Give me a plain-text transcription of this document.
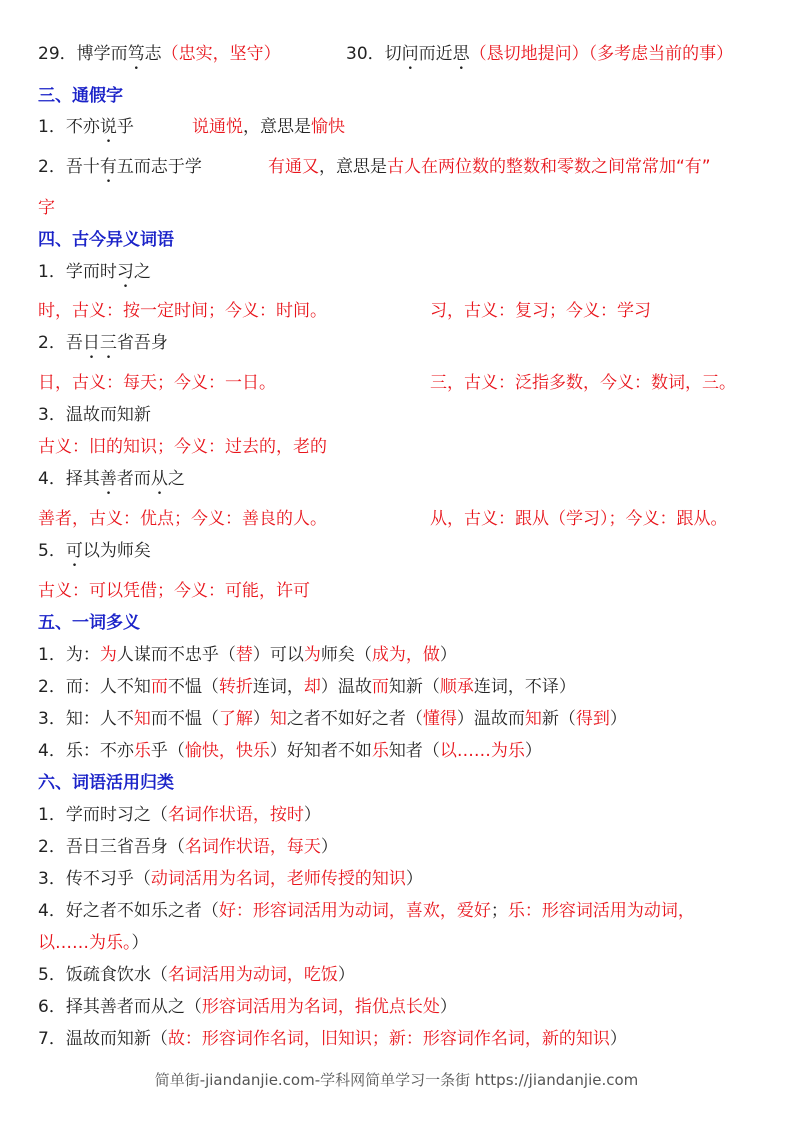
29．博学而笃志（忠实，坚守）	30．切问而近思（恳切地提问）（多考虑当前的事）
三、通假字
1．不亦说乎	说通悦，意思是愉快
2．吾十有五而志于学	有通又，意思是古人在两位数的整数和零数之间常常加“有”
字
四、古今异义词语
1．学而时习之
时，古义：按一定时间；今义：时间。	习，古义：复习；今义：学习
2．吾日三省吾身
日，古义：每天；今义：一日。	三，古义：泛指多数，今义：数词，三。
3．温故而知新
古义：旧的知识；今义：过去的，老的
4．择其善者而从之
善者，古义：优点；今义：善良的人。	从，古义：跟从（学习）；今义：跟从。
5．可以为师矣
古义：可以凭借；今义：可能，许可
五、一词多义
1．为：为人谋而不忠乎（替）可以为师矣（成为，做）
2．而：人不知而不愠（转折连词，却）温故而知新（顺承连词，不译）
3．知：人不知而不愠（了解）知之者不如好之者（懂得）温故而知新（得到）
4．乐：不亦乐乎（愉快，快乐）好知者不如乐知者（以……为乐）
六、词语活用归类
1．学而时习之（名词作状语，按时）
2．吾日三省吾身（名词作状语，每天）
3．传不习乎（动词活用为名词，老师传授的知识）
4．好之者不如乐之者（好：形容词活用为动词，喜欢，爱好；乐：形容词活用为动词，
以……为乐。）
5．饭疏食饮水（名词活用为动词，吃饭）
6．择其善者而从之（形容词活用为名词，指优点长处）
7．温故而知新（故：形容词作名词，旧知识；新：形容词作名词，新的知识）
简单街-jiandanjie.com-学科网简单学习一条街 https://jiandanjie.com
